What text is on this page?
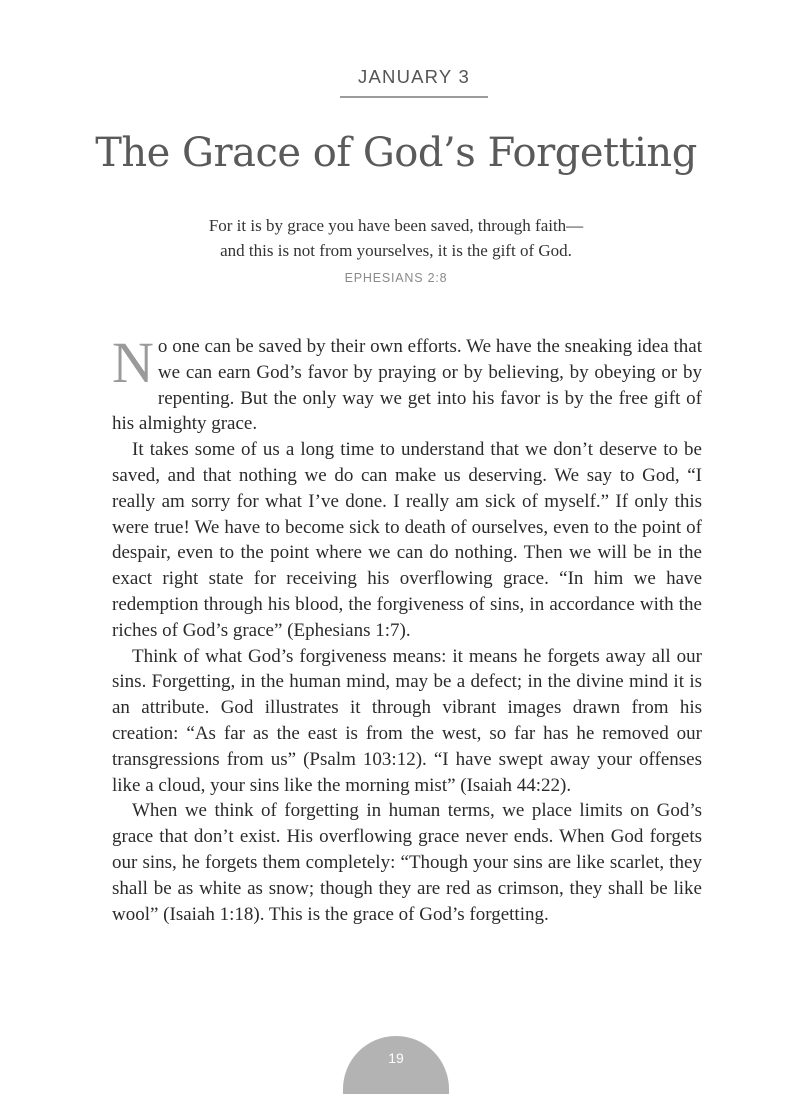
JANUARY 3
The Grace of God’s Forgetting
For it is by grace you have been saved, through faith—
and this is not from yourselves, it is the gift of God.
EPHESIANS 2:8

No one can be saved by their own efforts. We have the sneaking idea that we can earn God’s favor by praying or by believing, by obeying or by repenting. But the only way we get into his favor is by the free gift of his almighty grace.

It takes some of us a long time to understand that we don’t deserve to be saved, and that nothing we do can make us deserving. We say to God, “I really am sorry for what I’ve done. I really am sick of myself.” If only this were true! We have to become sick to death of ourselves, even to the point of despair, even to the point where we can do nothing. Then we will be in the exact right state for receiving his overflowing grace. “In him we have redemption through his blood, the forgiveness of sins, in accordance with the riches of God’s grace” (Ephesians 1:7).

Think of what God’s forgiveness means: it means he forgets away all our sins. Forgetting, in the human mind, may be a defect; in the divine mind it is an attribute. God illustrates it through vibrant images drawn from his creation: “As far as the east is from the west, so far has he removed our transgressions from us” (Psalm 103:12). “I have swept away your offenses like a cloud, your sins like the morning mist” (Isaiah 44:22).

When we think of forgetting in human terms, we place limits on God’s grace that don’t exist. His overflowing grace never ends. When God forgets our sins, he forgets them completely: “Though your sins are like scarlet, they shall be as white as snow; though they are red as crimson, they shall be like wool” (Isaiah 1:18). This is the grace of God’s forgetting.

19
